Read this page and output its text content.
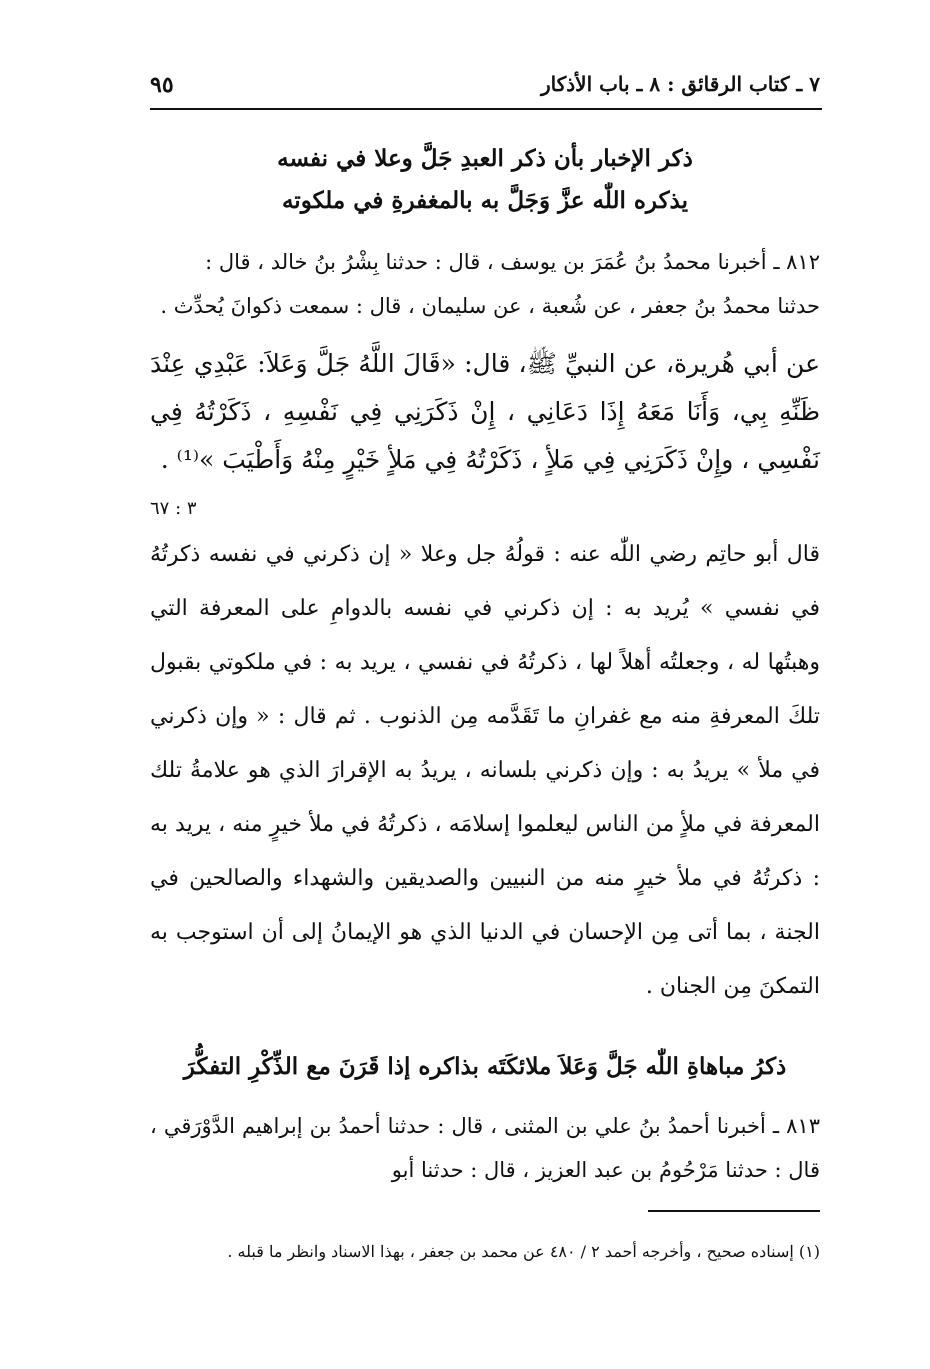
٧ ـ كتاب الرقائق : ٨ ـ باب الأذكار
٩٥
ذكر الإخبار بأن ذكر العبدِ جَلَّ وعلا في نفسه
يذكره اللّٰه عزَّ وَجَلَّ به بالمغفرةِ في ملكوته

٨١٢ ـ أخبرنا محمدُ بنُ عُمَرَ بن يوسف ، قال : حدثنا بِشْرُ بنُ خالد ، قال :

حدثنا محمدُ بنُ جعفر ، عن شُعبة ، عن سليمان ، قال : سمعت ذكوانَ يُحدِّث .

عن أبي هُريرة، عن النبيِّ ﷺ، قال: «قَالَ اللَّهُ جَلَّ وَعَلاَ: عَبْدِي عِنْدَ ظَنِّهِ بِي، وَأَنَا مَعَهُ إِذَا دَعَانِي ، إِنْ ذَكَرَنِي فِي نَفْسِهِ ، ذَكَرْتُهُ فِي نَفْسِي ، وإِنْ ذَكَرَنِي فِي مَلأٍ ، ذَكَرْتُهُ فِي مَلأٍ خَيْرٍ مِنْهُ وَأَطْيَبَ »⁽¹⁾ .

٣ : ٦٧

قال أبو حاتِم رضي اللّٰه عنه : قولُهُ جل وعلا « إن ذكرني في نفسه ذكرتُهُ في نفسي » يُريد به : إن ذكرني في نفسه بالدوامِ على المعرفة التي وهبتُها له ، وجعلتُه أهلاً لها ، ذكرتُهُ في نفسي ، يريد به : في ملكوتي بقبول تلكَ المعرفةِ منه مع غفرانِ ما تَقَدَّمه مِن الذنوب . ثم قال : « وإن ذكرني في ملأ » يريدُ به : وإن ذكرني بلسانه ، يريدُ به الإقرارَ الذي هو علامةُ تلك المعرفة في ملأٍ من الناس ليعلموا إسلامَه ، ذكرتُهُ في ملأ خيرٍ منه ، يريد به : ذكرتُهُ في ملأ خيرٍ منه من النبيين والصديقين والشهداء والصالحين في الجنة ، بما أتى مِن الإحسان في الدنيا الذي هو الإيمانُ إلى أن استوجب به التمكنَ مِن الجنان .

ذكرُ مباهاةِ اللّٰه جَلَّ وَعَلاَ ملائكَتَه بذاكره إذا قَرَنَ مع الذِّكْرِ التفكُّرَ

٨١٣ ـ أخبرنا أحمدُ بنُ علي بن المثنى ، قال : حدثنا أحمدُ بن إبراهيم الدَّوْرَقي ، قال : حدثنا مَرْحُومُ بن عبد العزيز ، قال : حدثنا أبو

(١) إسناده صحيح ، وأخرجه أحمد ٢ / ٤٨٠ عن محمد بن جعفر ، بهذا الاسناد وانظر ما قبله .
